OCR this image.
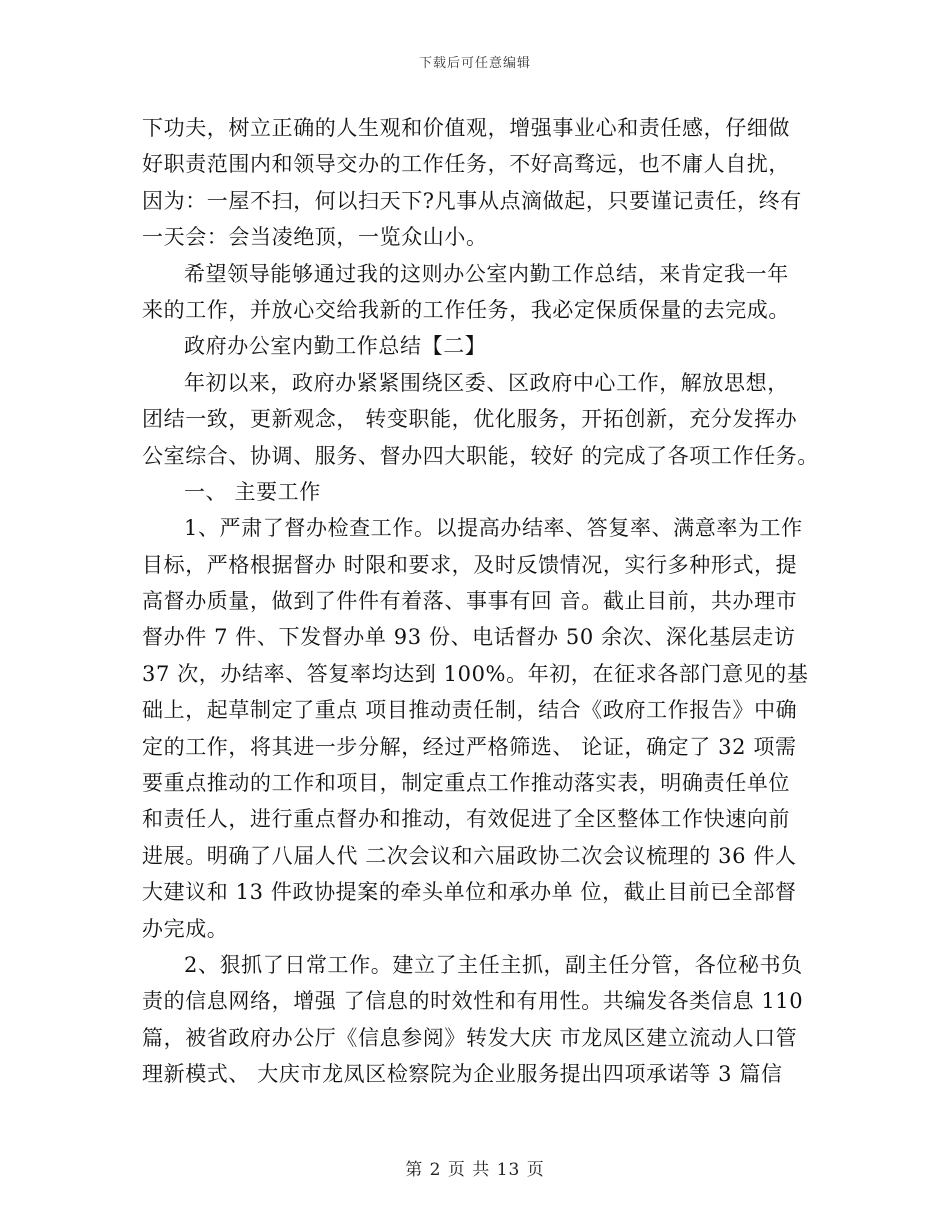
下载后可任意编辑
下功夫，树立正确的人生观和价值观，增强事业心和责任感，仔细做
好职责范围内和领导交办的工作任务，不好高骛远，也不庸人自扰，
因为：一屋不扫，何以扫天下?凡事从点滴做起，只要谨记责任，终有
一天会：会当凌绝顶，一览众山小。
希望领导能够通过我的这则办公室内勤工作总结，来肯定我一年
来的工作，并放心交给我新的工作任务，我必定保质保量的去完成。
政府办公室内勤工作总结【二】
年初以来，政府办紧紧围绕区委、区政府中心工作，解放思想，
团结一致，更新观念， 转变职能，优化服务，开拓创新，充分发挥办
公室综合、协调、服务、督办四大职能，较好 的完成了各项工作任务。
一、 主要工作
1、严肃了督办检查工作。以提高办结率、答复率、满意率为工作
目标，严格根据督办 时限和要求，及时反馈情况，实行多种形式，提
高督办质量，做到了件件有着落、事事有回 音。截止目前，共办理市
督办件 7 件、下发督办单 93 份、电话督办 50 余次、深化基层走访
37 次，办结率、答复率均达到 100%。年初，在征求各部门意见的基
础上，起草制定了重点 项目推动责任制，结合《政府工作报告》中确
定的工作，将其进一步分解，经过严格筛选、 论证，确定了 32 项需
要重点推动的工作和项目，制定重点工作推动落实表，明确责任单位
和责任人，进行重点督办和推动，有效促进了全区整体工作快速向前
进展。明确了八届人代 二次会议和六届政协二次会议梳理的 36 件人
大建议和 13 件政协提案的牵头单位和承办单 位，截止目前已全部督
办完成。
2、狠抓了日常工作。建立了主任主抓，副主任分管，各位秘书负
责的信息网络，增强 了信息的时效性和有用性。共编发各类信息 110
篇，被省政府办公厅《信息参阅》转发大庆 市龙凤区建立流动人口管
理新模式、 大庆市龙凤区检察院为企业服务提出四项承诺等 3 篇信
第 2 页 共 13 页
